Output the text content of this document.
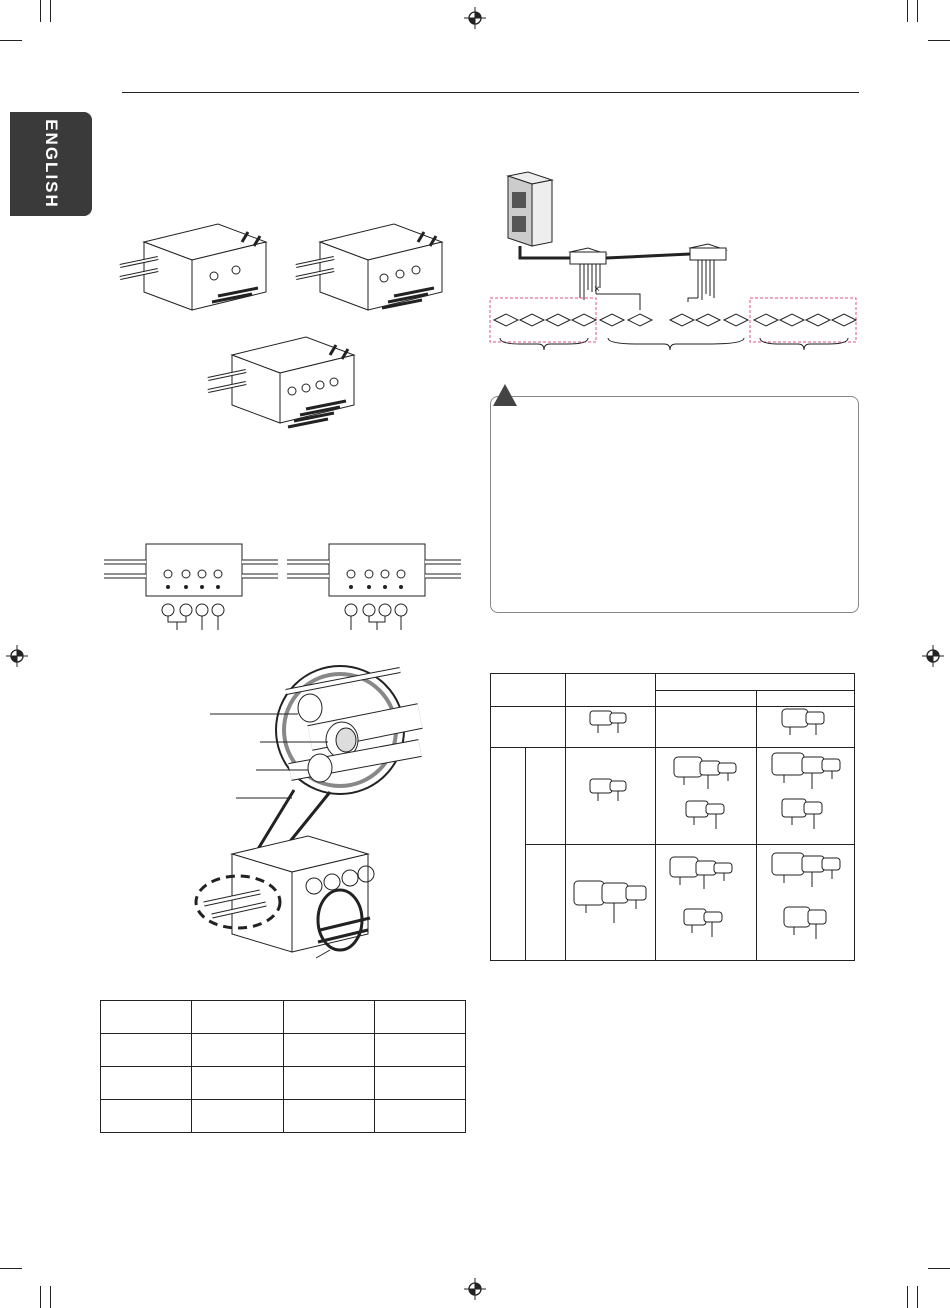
ENGLISH
×
